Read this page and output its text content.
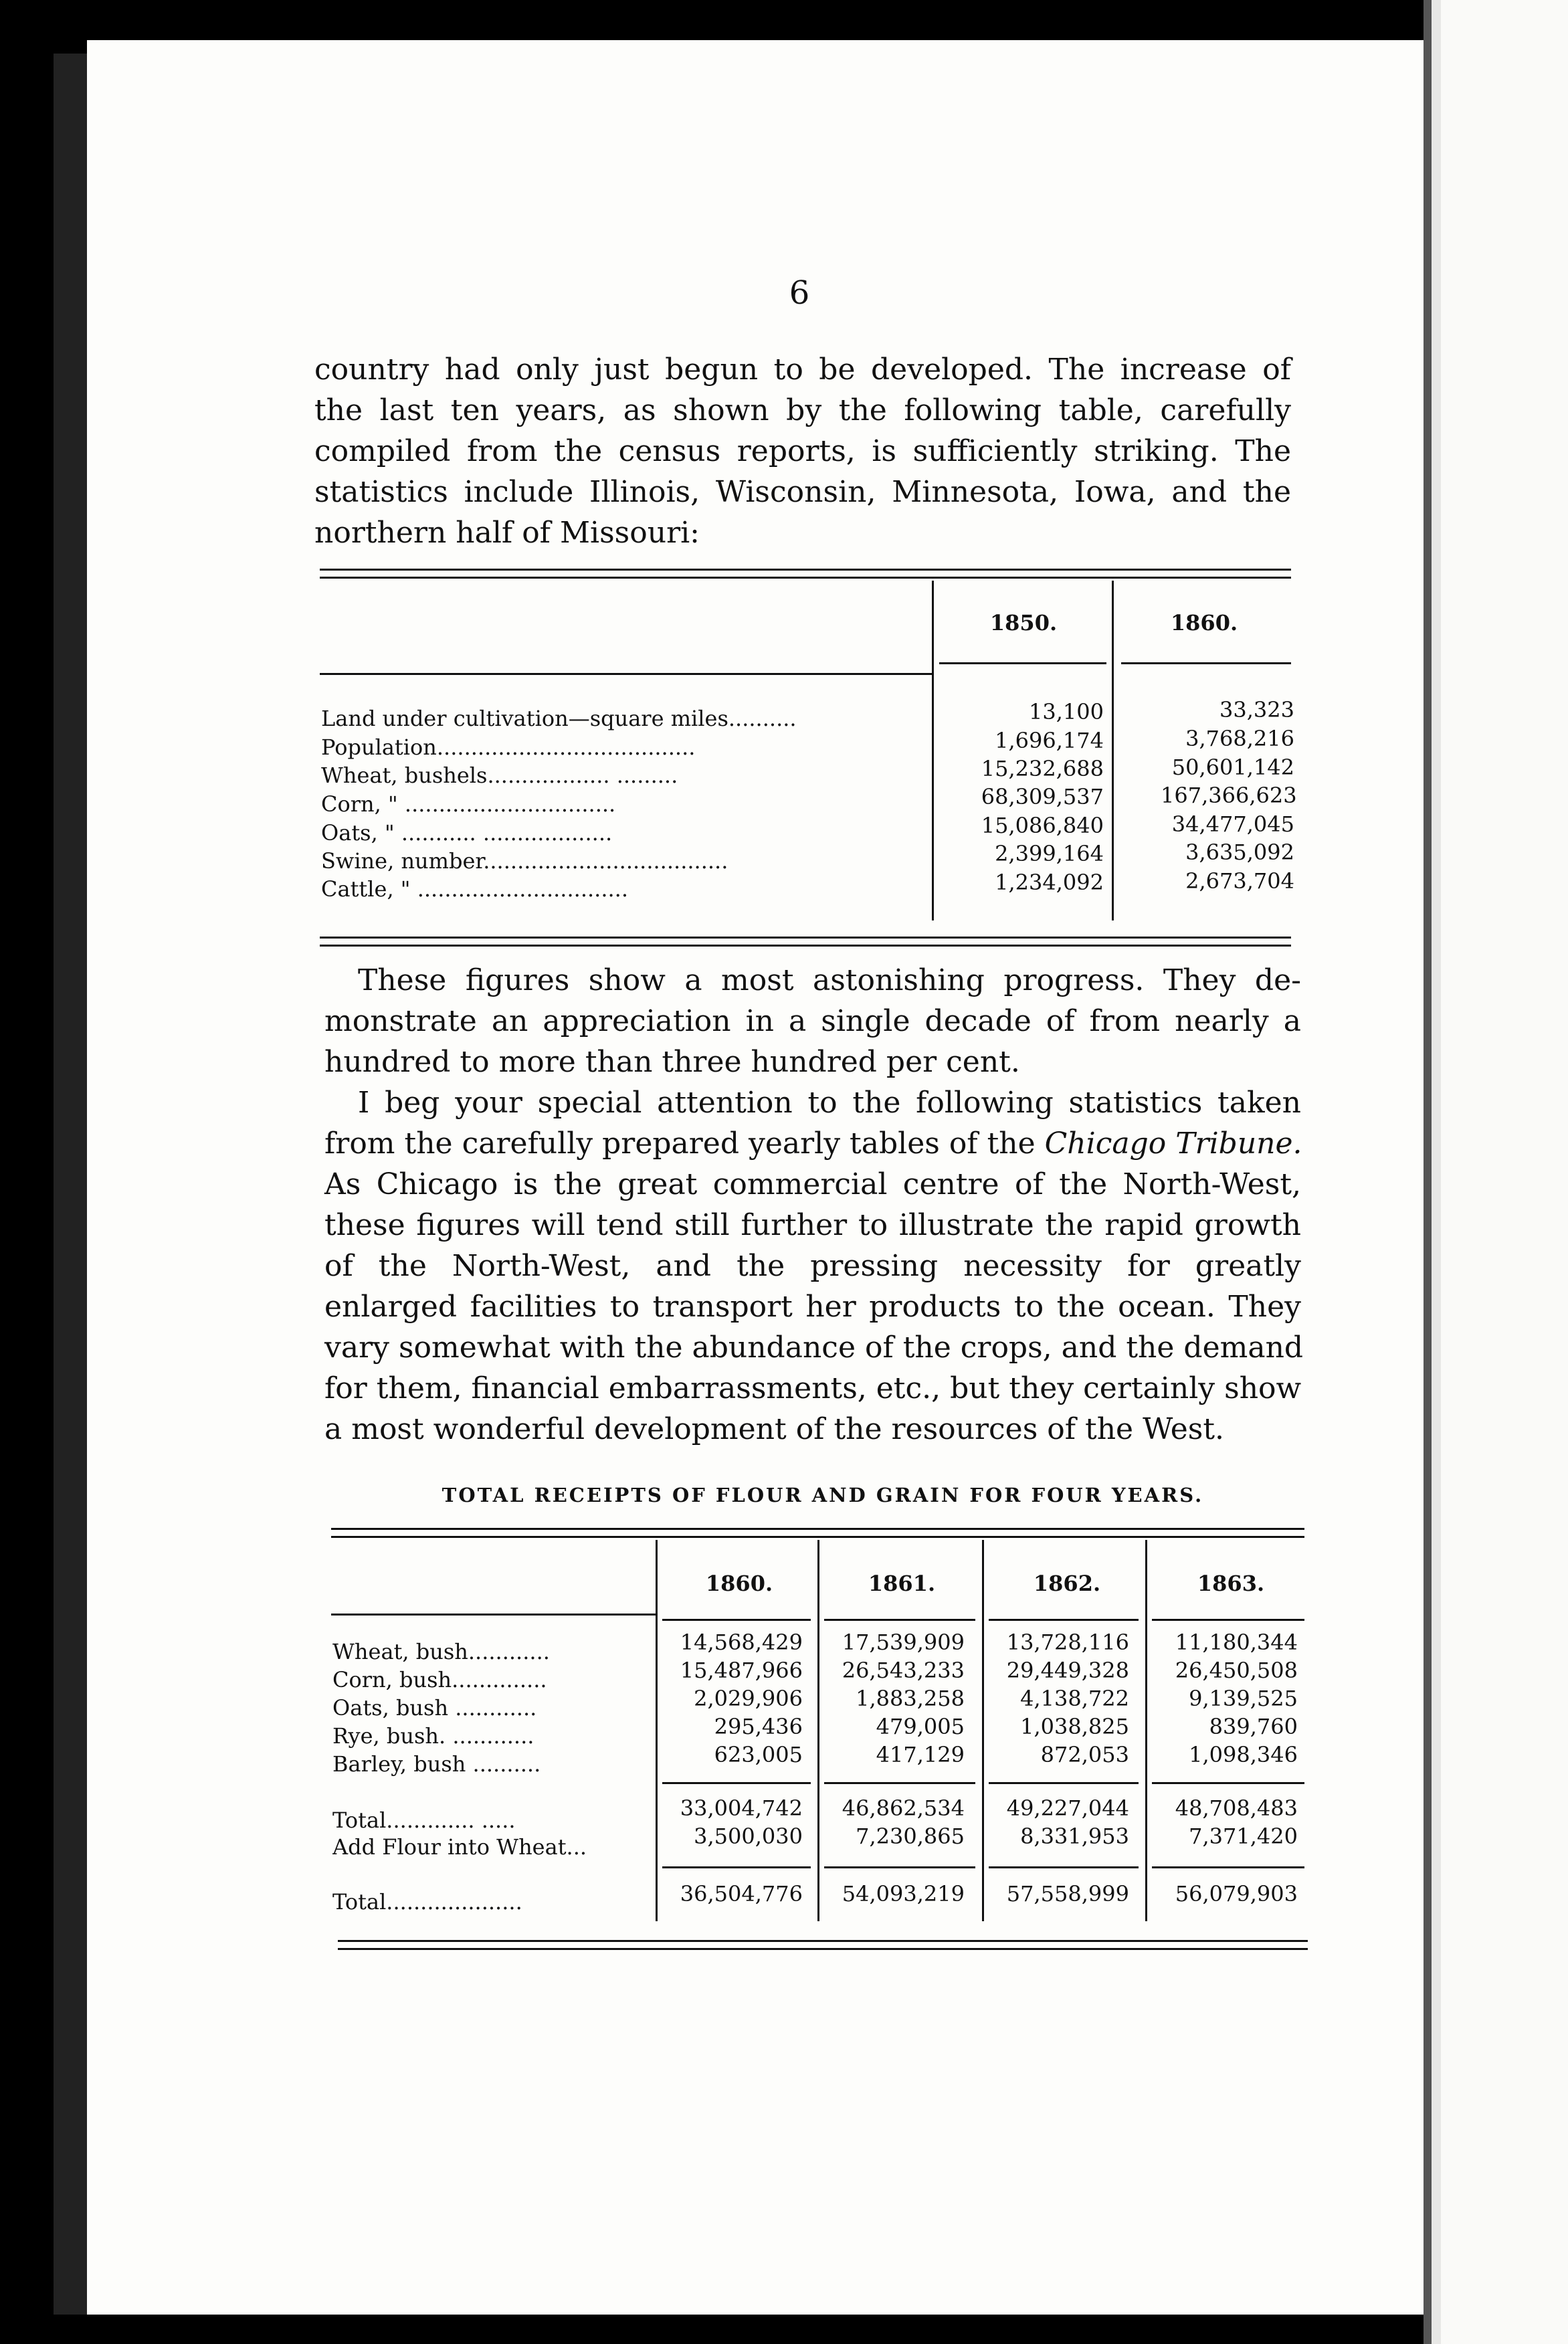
6
country had only just begun to be developed. The increase of
the last ten years, as shown by the following table, carefully
compiled from the census reports, is sufficiently striking. The
statistics include Illinois, Wisconsin, Minnesota, Iowa, and the
northern half of Missouri:
1850.	1860.
Land under cultivation—square miles..........	13,100	33,323
Population......................................	1,696,174	3,768,216
Wheat, bushels.................. .........	15,232,688	50,601,142
Corn, " ...............................	68,309,537	167,366,623
Oats, " ........... ...................	15,086,840	34,477,045
Swine, number....................................	2,399,164	3,635,092
Cattle, " ...............................	1,234,092	2,673,704
These figures show a most astonishing progress. They de-
monstrate an appreciation in a single decade of from nearly a
hundred to more than three hundred per cent.
I beg your special attention to the following statistics taken
from the carefully prepared yearly tables of the Chicago Tribune.
As Chicago is the great commercial centre of the North-West,
these figures will tend still further to illustrate the rapid growth
of the North-West, and the pressing necessity for greatly
enlarged facilities to transport her products to the ocean. They
vary somewhat with the abundance of the crops, and the demand
for them, financial embarrassments, etc., but they certainly show
a most wonderful development of the resources of the West.
TOTAL RECEIPTS OF FLOUR AND GRAIN FOR FOUR YEARS.
1860.	1861.	1862.	1863.
Wheat, bush............	14,568,429	17,539,909	13,728,116	11,180,344
Corn, bush..............	15,487,966	26,543,233	29,449,328	26,450,508
Oats, bush ............	2,029,906	1,883,258	4,138,722	9,139,525
Rye, bush. ............	295,436	479,005	1,038,825	839,760
Barley, bush ..........	623,005	417,129	872,053	1,098,346
Total............. .....	33,004,742	46,862,534	49,227,044	48,708,483
Add Flour into Wheat...	3,500,030	7,230,865	8,331,953	7,371,420
Total....................	36,504,776	54,093,219	57,558,999	56,079,903
